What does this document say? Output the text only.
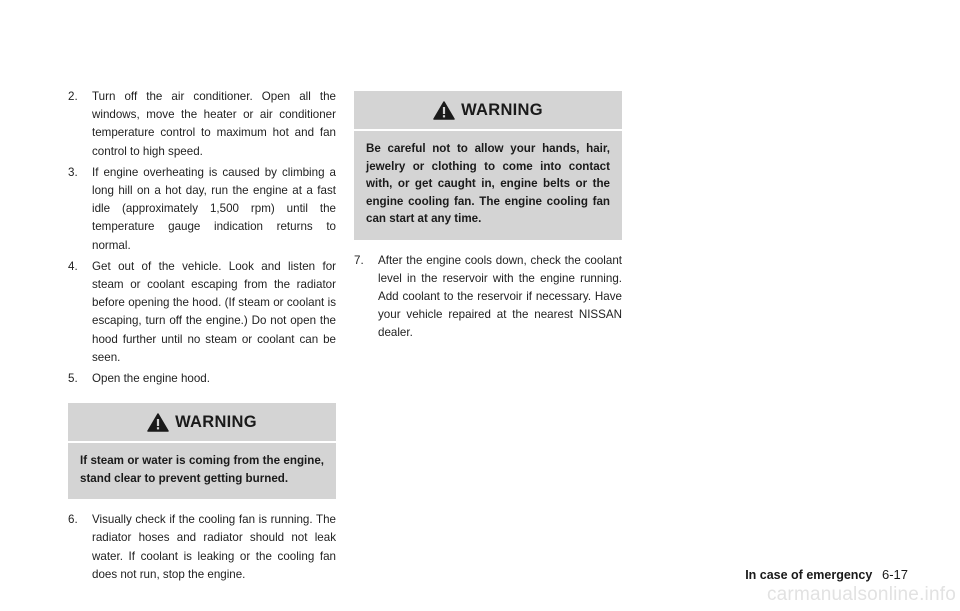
2. Turn off the air conditioner. Open all the windows, move the heater or air conditioner temperature control to maximum hot and fan control to high speed.
3. If engine overheating is caused by climbing a long hill on a hot day, run the engine at a fast idle (approximately 1,500 rpm) until the temperature gauge indication returns to normal.
4. Get out of the vehicle. Look and listen for steam or coolant escaping from the radiator before opening the hood. (If steam or coolant is escaping, turn off the engine.) Do not open the hood further until no steam or coolant can be seen.
5. Open the engine hood.
WARNING
If steam or water is coming from the engine, stand clear to prevent getting burned.
6. Visually check if the cooling fan is running. The radiator hoses and radiator should not leak water. If coolant is leaking or the cooling fan does not run, stop the engine.
WARNING
Be careful not to allow your hands, hair, jewelry or clothing to come into contact with, or get caught in, engine belts or the engine cooling fan. The engine cooling fan can start at any time.
7. After the engine cools down, check the coolant level in the reservoir with the engine running. Add coolant to the reservoir if necessary. Have your vehicle repaired at the nearest NISSAN dealer.
In case of emergency 6-17
carmanualsonline.info
